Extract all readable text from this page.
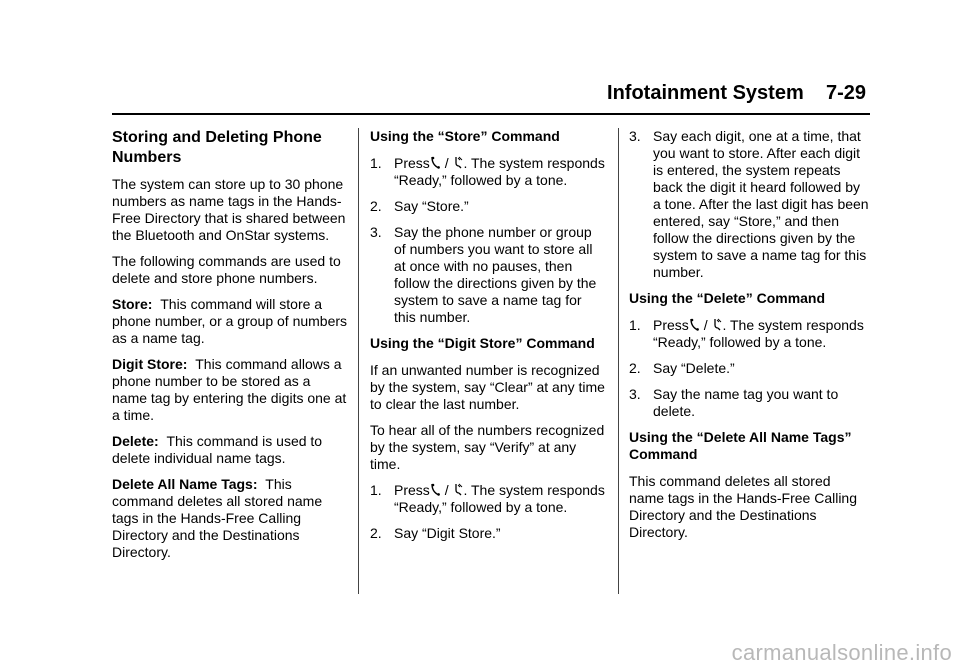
Infotainment System 7-29
Storing and Deleting Phone Numbers

The system can store up to 30 phone numbers as name tags in the Hands-Free Directory that is shared between the Bluetooth and OnStar systems.

The following commands are used to delete and store phone numbers.

Store: This command will store a phone number, or a group of numbers as a name tag.

Digit Store: This command allows a phone number to be stored as a name tag by entering the digits one at a time.

Delete: This command is used to delete individual name tags.

Delete All Name Tags: This command deletes all stored name tags in the Hands-Free Calling Directory and the Destinations Directory.

Using the “Store” Command
1. Press / . The system responds “Ready,” followed by a tone.
2. Say “Store.”
3. Say the phone number or group of numbers you want to store all at once with no pauses, then follow the directions given by the system to save a name tag for this number.
Using the “Digit Store” Command

If an unwanted number is recognized by the system, say “Clear” at any time to clear the last number.

To hear all of the numbers recognized by the system, say “Verify” at any time.

1. Press / . The system responds “Ready,” followed by a tone.
2. Say “Digit Store.”
3. Say each digit, one at a time, that you want to store. After each digit is entered, the system repeats back the digit it heard followed by a tone. After the last digit has been entered, say “Store,” and then follow the directions given by the system to save a name tag for this number.
Using the “Delete” Command
1. Press / . The system responds “Ready,” followed by a tone.
2. Say “Delete.”
3. Say the name tag you want to delete.
Using the “Delete All Name Tags” Command

This command deletes all stored name tags in the Hands-Free Calling Directory and the Destinations Directory.

carmanualsonline.info
